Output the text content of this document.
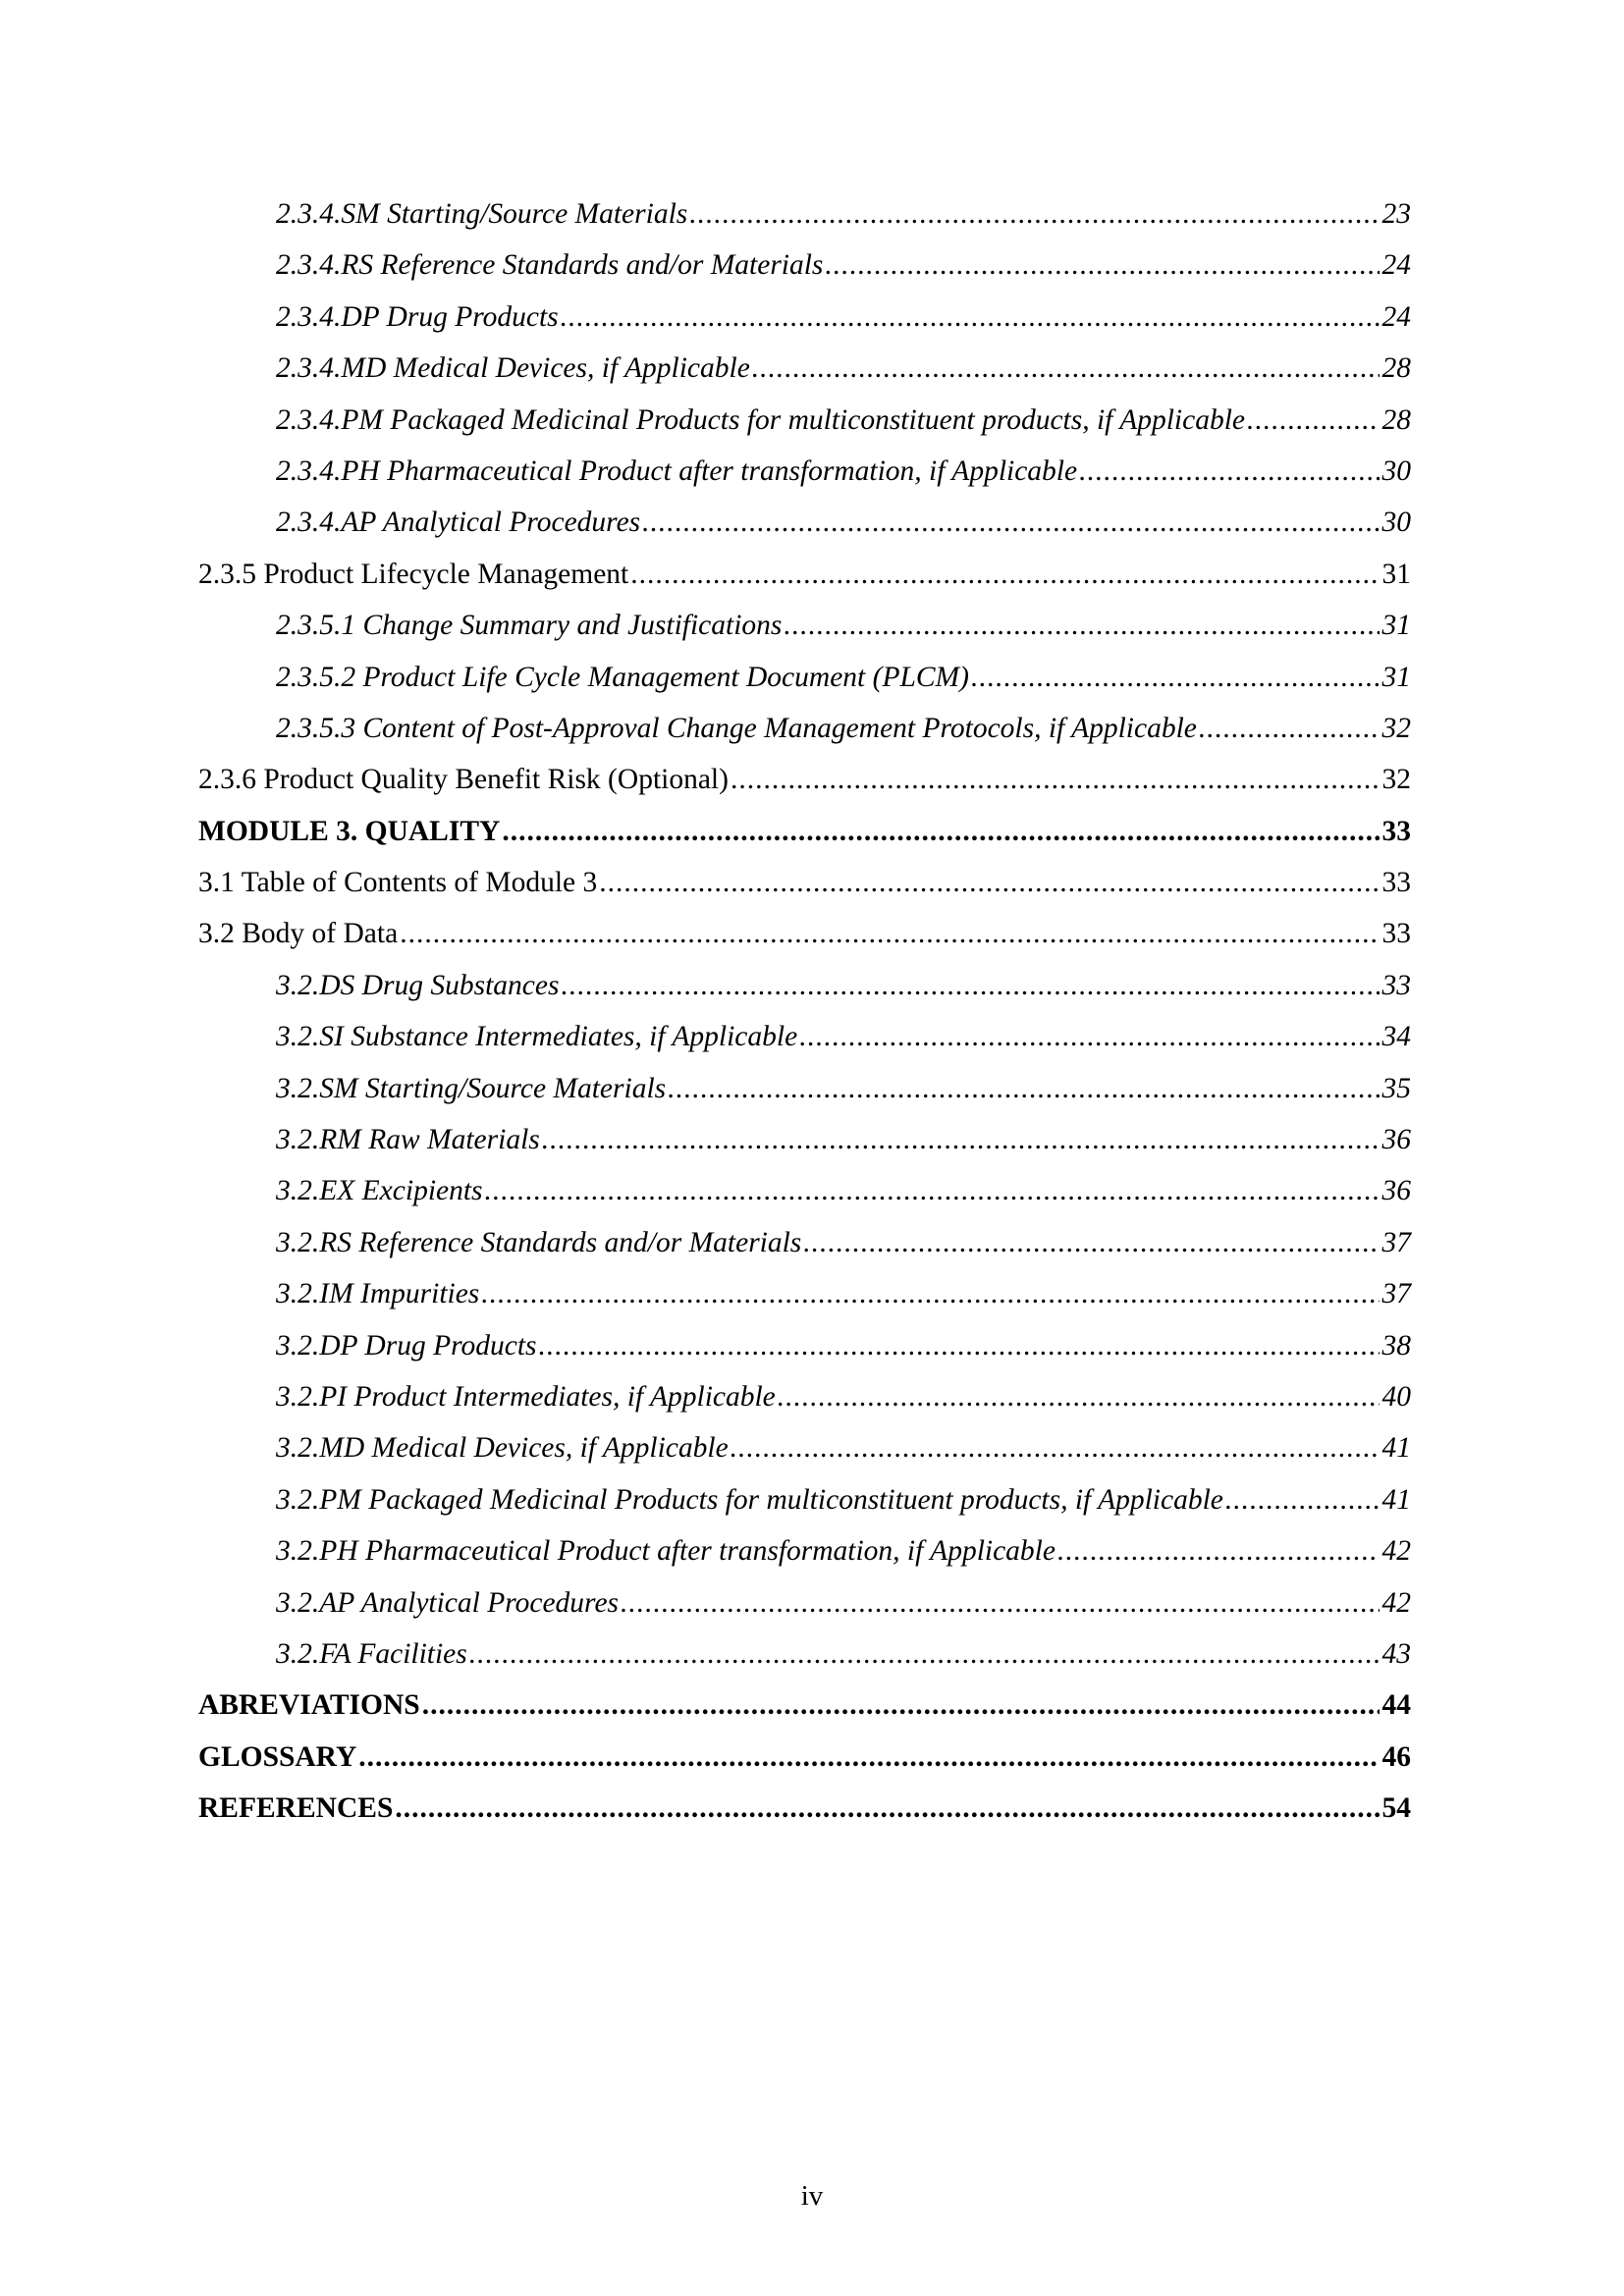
2.3.4.SM Starting/Source Materials .....	23
2.3.4.RS Reference Standards and/or Materials .....	24
2.3.4.DP Drug Products .....	24
2.3.4.MD Medical Devices, if Applicable .....	28
2.3.4.PM Packaged Medicinal Products for multiconstituent products, if Applicable .....	28
2.3.4.PH Pharmaceutical Product after transformation, if Applicable .....	30
2.3.4.AP Analytical Procedures .....	30
2.3.5 Product Lifecycle Management .....	31
2.3.5.1 Change Summary and Justifications .....	31
2.3.5.2 Product Life Cycle Management Document (PLCM) .....	31
2.3.5.3 Content of Post-Approval Change Management Protocols, if Applicable .....	32
2.3.6 Product Quality Benefit Risk (Optional) .....	32
MODULE 3. QUALITY .....	33
3.1 Table of Contents of Module 3 .....	33
3.2 Body of Data .....	33
3.2.DS Drug Substances .....	33
3.2.SI Substance Intermediates, if Applicable .....	34
3.2.SM Starting/Source Materials .....	35
3.2.RM Raw Materials .....	36
3.2.EX Excipients .....	36
3.2.RS Reference Standards and/or Materials .....	37
3.2.IM Impurities .....	37
3.2.DP Drug Products .....	38
3.2.PI Product Intermediates, if Applicable .....	40
3.2.MD Medical Devices, if Applicable .....	41
3.2.PM Packaged Medicinal Products for multiconstituent products, if Applicable .....	41
3.2.PH Pharmaceutical Product after transformation, if Applicable .....	42
3.2.AP Analytical Procedures .....	42
3.2.FA Facilities .....	43
ABREVIATIONS .....	44
GLOSSARY .....	46
REFERENCES .....	54
iv
